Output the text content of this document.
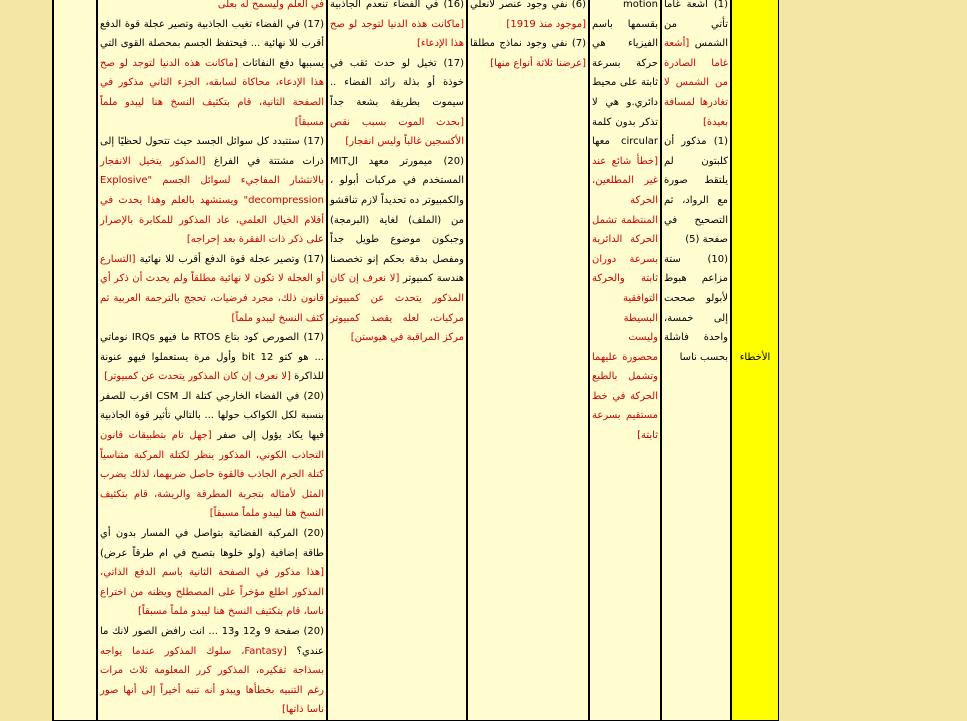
الأخطاء	
(1) أشعة غاما تأتي من الشمس [أشعة غاما الصادرة من الشمس لا تغادرها لمسافة بعيدة]
(1) مذكور أن كلبتون لم يلتقط صورة مع الرواد، ثم التصحيح في صفحة (5)
(10) ستة مزاعم هبوط لأبولو صححت إلى خمسة، واحدة فاشلة بحسب ناسا

motion بقسمها باسم الفيزياء هي حركة بسرعة ثابتة على محيط دائري.و هي لا تذكر بدون كلمة circular معها [خطأ شائع عند غير المطلعين، الحركة المنتظمة تشمل الحركة الدائرية بسرعة دوران ثابتة والحركة التوافقية البسيطة وليست محصورة عليهما وتشمل بالطبع الحركة في خط مستقيم بسرعة ثابتة]

(6) نفي وجود عنصر لانعلي [موجود منذ 1919]
(7) نفي وجود نماذج مطلقا [عرضنا ثلاثة أنواع منها]

(16) في الفضاء تنعدم الجاذبية [ماكانت هذه الدنيا لتوجد لو صح هذا الإدعاء]
(17) تخيل لو حدث ثقب في خوذة أو بذلة رائد الفضاء .. سيموت بطريقة بشعة جداً [بحدث الموت بسبب نقص الأكسجين غالباً وليس انفجار]
(20) ميمورتر معهد الMIT المستخدم في مركبات أبولو ، والكمبيوتر ده تحديداً لازم تناقشو من (الملف) لغاية (البرمجة) وجبكون موضوع طويل جداً ومفصل بدقة بحكم إنو تخصصنا هندسة كمبيوتر [لا نعرف إن كان المذكور يتحدث عن كمبيوتر مركبات، لعله يقصد كمبيوتر مركز المراقبة في هيوستن]

في العلم وليسمح له بعلى
(17) في الفضاء تغيب الجاذبية وتصير عجلة قوة الدفع أقرب للا نهائية ... فيحتفظ الجسم بمحصلة القوى التي يسببها دفع النفاثات [ماكانت هذه الدنيا لتوجد لو صح هذا الإدعاء، محاكاة لسابقه، الجزء الثاني مذكور في الصفحة الثانية، قام بتكثيف النسخ هنا ليبدو ملماً مسبقاً]
(17) ستتبدد كل سوائل الجسد حيث تتحول لحظيًا إلى ذرات مشتتة في الفراغ [المذكور يتخيل الانفجار بالانتشار المفاجيء لسوائل الجسم "Explosive decompression" ويستشهد بالعلم وهذا يحدث في أفلام الخيال العلمي، عاد المذكور للمكابرة بالإصرار على ذكر ذات الفقرة بعد إحراجه]
(17) وتصير عجلة قوة الدفع أقرب للا نهائية [التسارع أو العجلة لا تكون لا نهائية مطلقاً ولم يحدث أن ذكر أي قانون ذلك، مجرد فرضيات، تحجج بالترجمة العربية ثم كثف النسخ ليبدو ملماً]
(17) الصورص كود بتاع RTOS ما فيهو IRQs نوماتي ... هو كتو 12 bit وأول مرة يستعملوا فيهو عنونة للذاكرة [لا نعرف إن كان المذكور يتحدث عن كمبيوتر]
(20) في الفضاء الخارجي كتلة الـ CSM اقرب للصفر بنسبة لكل الكواكب حولها ... بالتالي تأثير قوة الجاذبية فيها يكاد يؤول إلى صفر [جهل تام بتطبيقات قانون التجاذب الكوني، المذكور ينظر لكتلة المركبة متناسياً كتلة الجرم الجاذب فالقوة حاصل ضربهما، لذلك يضرب المثل لأمثاله بتجربة المطرقة والريشة، قام بتكثيف النسخ هنا ليبدو ملماً مسبقاً]
(20) المركبة الفضائية بتواصل في المسار بدون أي طاقة إضافية (ولو خلوها بتصبح في ام طرقاً عرض) [هذا مذكور في الصفحة الثانية باسم الدفع الذاتي، المذكور اطلع مؤخراً على المصطلح ويظنه من اختراع ناسا، قام بتكثيف النسخ هنا ليبدو ملماً مسبقاً]
(20) صفحة 9 و12 و13 ... انت رافض الصور لانك ما عندي؟ [Fantasy، سلوك المذكور عندما يواجه بسذاجة تفكيره، المذكور كرر المعلومة ثلاث مرات رغم التنبيه بخطأها ويبدو أنه تنبه أخيراً إلى أنها صور ناسا ذاتها]
